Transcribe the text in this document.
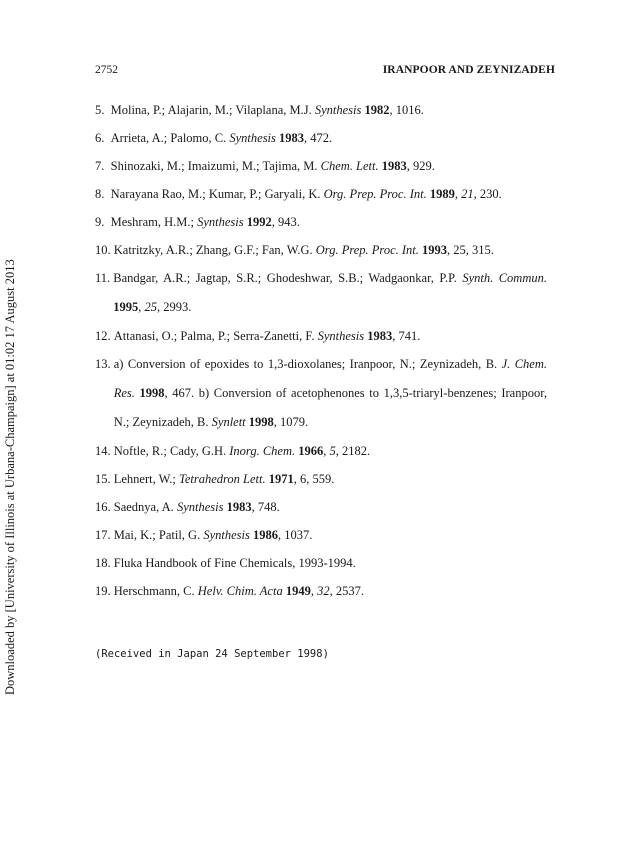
2752	IRANPOOR AND ZEYNIZADEH
5. Molina, P.; Alajarin, M.; Vilaplana, M.J. Synthesis 1982, 1016.
6. Arrieta, A.; Palomo, C. Synthesis 1983, 472.
7. Shinozaki, M.; Imaizumi, M.; Tajima, M. Chem. Lett. 1983, 929.
8. Narayana Rao, M.; Kumar, P.; Garyali, K. Org. Prep. Proc. Int. 1989, 21, 230.
9. Meshram, H.M.; Synthesis 1992, 943.
10. Katritzky, A.R.; Zhang, G.F.; Fan, W.G. Org. Prep. Proc. Int. 1993, 25, 315.
11. Bandgar, A.R.; Jagtap, S.R.; Ghodeshwar, S.B.; Wadgaonkar, P.P. Synth. Commun. 1995, 25, 2993.
12. Attanasi, O.; Palma, P.; Serra-Zanetti, F. Synthesis 1983, 741.
13. a) Conversion of epoxides to 1,3-dioxolanes; Iranpoor, N.; Zeynizadeh, B. J. Chem. Res. 1998, 467. b) Conversion of acetophenones to 1,3,5-triaryl-benzenes; Iranpoor, N.; Zeynizadeh, B. Synlett 1998, 1079.
14. Noftle, R.; Cady, G.H. Inorg. Chem. 1966, 5, 2182.
15. Lehnert, W.; Tetrahedron Lett. 1971, 6, 559.
16. Saednya, A. Synthesis 1983, 748.
17. Mai, K.; Patil, G. Synthesis 1986, 1037.
18. Fluka Handbook of Fine Chemicals, 1993-1994.
19. Herschmann, C. Helv. Chim. Acta 1949, 32, 2537.
(Received in Japan 24 September 1998)
Downloaded by [University of Illinois at Urbana-Champaign] at 01:02 17 August 2013
